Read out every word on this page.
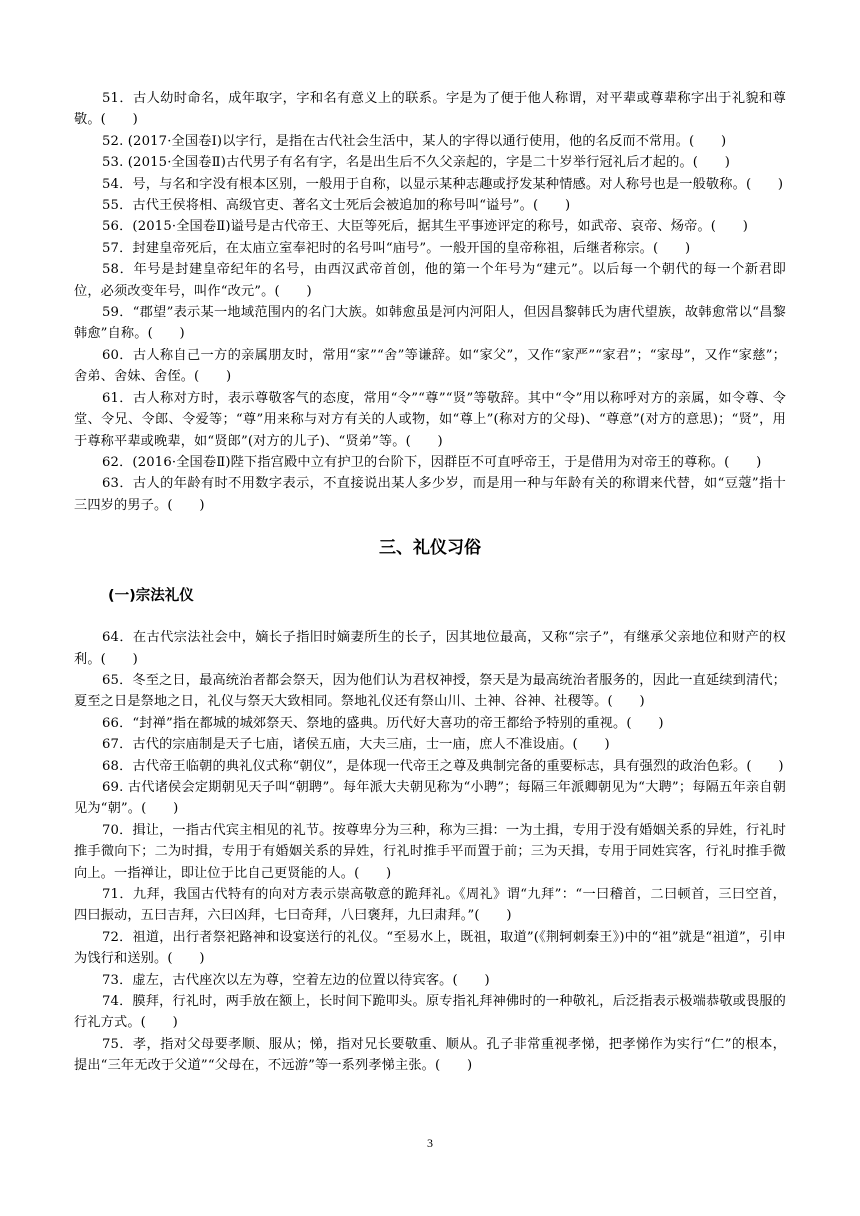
51．古人幼时命名，成年取字，字和名有意义上的联系。字是为了便于他人称谓，对平辈或尊辈称字出于礼貌和尊敬。(　　)

52. (2017·全国卷Ⅰ)以字行，是指在古代社会生活中，某人的字得以通行使用，他的名反而不常用。(　　)

53. (2015·全国卷Ⅱ)古代男子有名有字，名是出生后不久父亲起的，字是二十岁举行冠礼后才起的。(　　)

54．号，与名和字没有根本区别，一般用于自称，以显示某种志趣或抒发某种情感。对人称号也是一般敬称。(　　)

55．古代王侯将相、高级官吏、著名文士死后会被追加的称号叫“谥号”。(　　)

56．(2015·全国卷Ⅱ)谥号是古代帝王、大臣等死后，据其生平事迹评定的称号，如武帝、哀帝、炀帝。(　　)

57．封建皇帝死后，在太庙立室奉祀时的名号叫“庙号”。一般开国的皇帝称祖，后继者称宗。(　　)

58．年号是封建皇帝纪年的名号，由西汉武帝首创，他的第一个年号为“建元”。以后每一个朝代的每一个新君即位，必须改变年号，叫作“改元”。(　　)

59．“郡望”表示某一地域范围内的名门大族。如韩愈虽是河内河阳人，但因昌黎韩氏为唐代望族，故韩愈常以“昌黎韩愈”自称。(　　)

60．古人称自己一方的亲属朋友时，常用“家”“舍”等谦辞。如“家父”，又作“家严”“家君”；“家母”，又作“家慈”；舍弟、舍妹、舍侄。(　　)

61．古人称对方时，表示尊敬客气的态度，常用“令”“尊”“贤”等敬辞。其中“令”用以称呼对方的亲属，如令尊、令堂、令兄、令郎、令爱等；“尊”用来称与对方有关的人或物，如“尊上”(称对方的父母)、“尊意”(对方的意思)；“贤”，用于尊称平辈或晚辈，如“贤郎”(对方的儿子)、“贤弟”等。(　　)

62．(2016·全国卷Ⅱ)陛下指宫殿中立有护卫的台阶下，因群臣不可直呼帝王，于是借用为对帝王的尊称。(　　)

63．古人的年龄有时不用数字表示，不直接说出某人多少岁，而是用一种与年龄有关的称谓来代替，如“豆蔻”指十三四岁的男子。(　　)

三、礼仪习俗
(一)宗法礼仪

64．在古代宗法社会中，嫡长子指旧时嫡妻所生的长子，因其地位最高，又称“宗子”，有继承父亲地位和财产的权利。(　　)

65．冬至之日，最高统治者都会祭天，因为他们认为君权神授，祭天是为最高统治者服务的，因此一直延续到清代；夏至之日是祭地之日，礼仪与祭天大致相同。祭地礼仪还有祭山川、土神、谷神、社稷等。(　　)

66．“封禅”指在都城的城郊祭天、祭地的盛典。历代好大喜功的帝王都给予特别的重视。(　　)

67．古代的宗庙制是天子七庙，诸侯五庙，大夫三庙，士一庙，庶人不准设庙。(　　)

68．古代帝王临朝的典礼仪式称“朝仪”，是体现一代帝王之尊及典制完备的重要标志，具有强烈的政治色彩。(　　)

69. 古代诸侯会定期朝见天子叫“朝聘”。每年派大夫朝见称为“小聘”；每隔三年派卿朝见为“大聘”；每隔五年亲自朝见为“朝”。(　　)

70．揖让，一指古代宾主相见的礼节。按尊卑分为三种，称为三揖：一为土揖，专用于没有婚姻关系的异姓，行礼时推手微向下；二为时揖，专用于有婚姻关系的异姓，行礼时推手平而置于前；三为天揖，专用于同姓宾客，行礼时推手微向上。一指禅让，即让位于比自己更贤能的人。(　　)

71．九拜，我国古代特有的向对方表示崇高敬意的跪拜礼。《周礼》谓“九拜”：“一曰稽首，二曰顿首，三曰空首，四曰振动，五曰吉拜，六曰凶拜，七曰奇拜，八曰褒拜，九曰肃拜。”(　　)

72．祖道，出行者祭祀路神和设宴送行的礼仪。“至易水上，既祖，取道”(《荆轲刺秦王》)中的“祖”就是“祖道”，引申为饯行和送别。(　　)

73．虚左，古代座次以左为尊，空着左边的位置以待宾客。(　　)

74．膜拜，行礼时，两手放在额上，长时间下跪叩头。原专指礼拜神佛时的一种敬礼，后泛指表示极端恭敬或畏服的行礼方式。(　　)

75．孝，指对父母要孝顺、服从；悌，指对兄长要敬重、顺从。孔子非常重视孝悌，把孝悌作为实行“仁”的根本，提出“三年无改于父道”“父母在，不远游”等一系列孝悌主张。(　　)

3
